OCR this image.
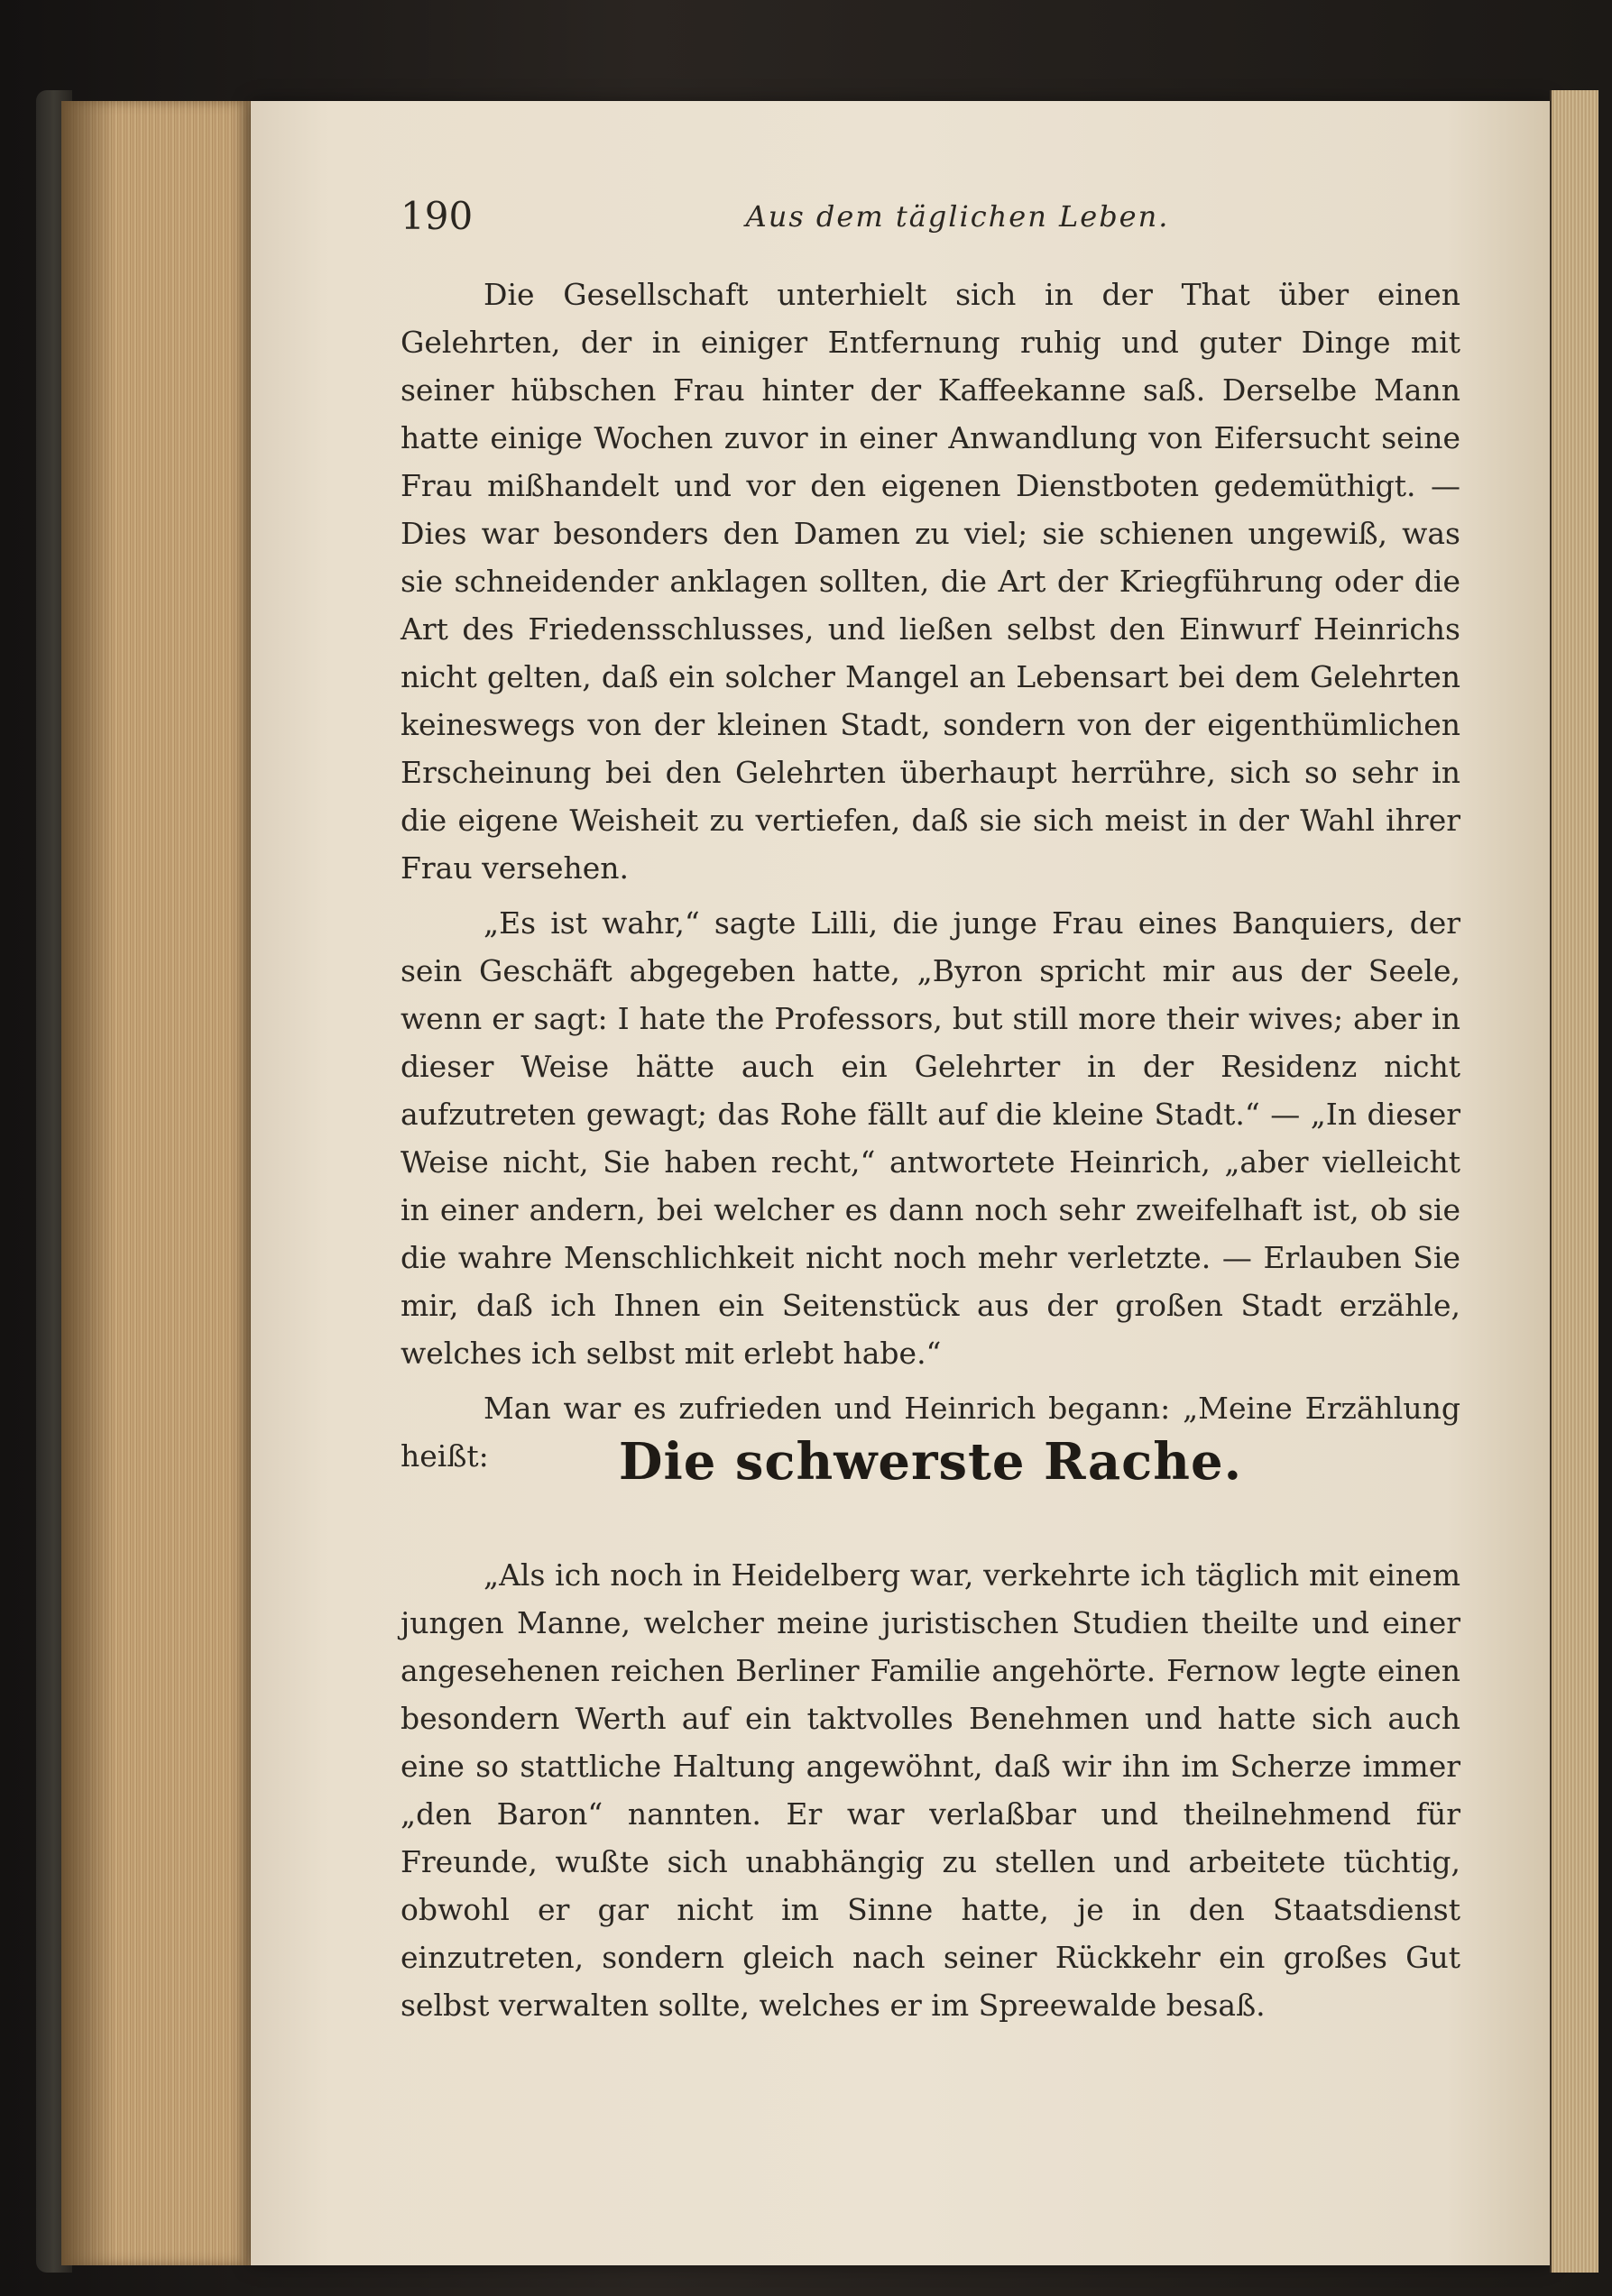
190	Aus dem täglichen Leben.

Die Gesellschaft unterhielt sich in der That über einen Gelehrten, der in einiger Entfernung ruhig und guter Dinge mit seiner hübschen Frau hinter der Kaffeekanne saß. Derselbe Mann hatte einige Wochen zuvor in einer Anwandlung von Eifersucht seine Frau mißhandelt und vor den eigenen Dienstboten gedemüthigt. — Dies war besonders den Damen zu viel; sie schienen ungewiß, was sie schneidender anklagen sollten, die Art der Kriegführung oder die Art des Friedensschlusses, und ließen selbst den Einwurf Heinrichs nicht gelten, daß ein solcher Mangel an Lebensart bei dem Gelehrten keineswegs von der kleinen Stadt, sondern von der eigenthümlichen Erscheinung bei den Gelehrten überhaupt herrühre, sich so sehr in die eigene Weisheit zu vertiefen, daß sie sich meist in der Wahl ihrer Frau versehen.

„Es ist wahr,“ sagte Lilli, die junge Frau eines Banquiers, der sein Geschäft abgegeben hatte, „Byron spricht mir aus der Seele, wenn er sagt: I hate the Professors, but still more their wives; aber in dieser Weise hätte auch ein Gelehrter in der Residenz nicht aufzutreten gewagt; das Rohe fällt auf die kleine Stadt.“ — „In dieser Weise nicht, Sie haben recht,“ antwortete Heinrich, „aber vielleicht in einer andern, bei welcher es dann noch sehr zweifelhaft ist, ob sie die wahre Menschlichkeit nicht noch mehr verletzte. — Erlauben Sie mir, daß ich Ihnen ein Seitenstück aus der großen Stadt erzähle, welches ich selbst mit erlebt habe.“

Man war es zufrieden und Heinrich begann: „Meine Erzählung heißt:	Die schwerste Rache.

„Als ich noch in Heidelberg war, verkehrte ich täglich mit einem jungen Manne, welcher meine juristischen Studien theilte und einer angesehenen reichen Berliner Familie angehörte. Fernow legte einen besondern Werth auf ein taktvolles Benehmen und hatte sich auch eine so stattliche Haltung angewöhnt, daß wir ihn im Scherze immer „den Baron“ nannten. Er war verlaßbar und theilnehmend für Freunde, wußte sich unabhängig zu stellen und arbeitete tüchtig, obwohl er gar nicht im Sinne hatte, je in den Staatsdienst einzutreten, sondern gleich nach seiner Rückkehr ein großes Gut selbst verwalten sollte, welches er im Spreewalde besaß.
